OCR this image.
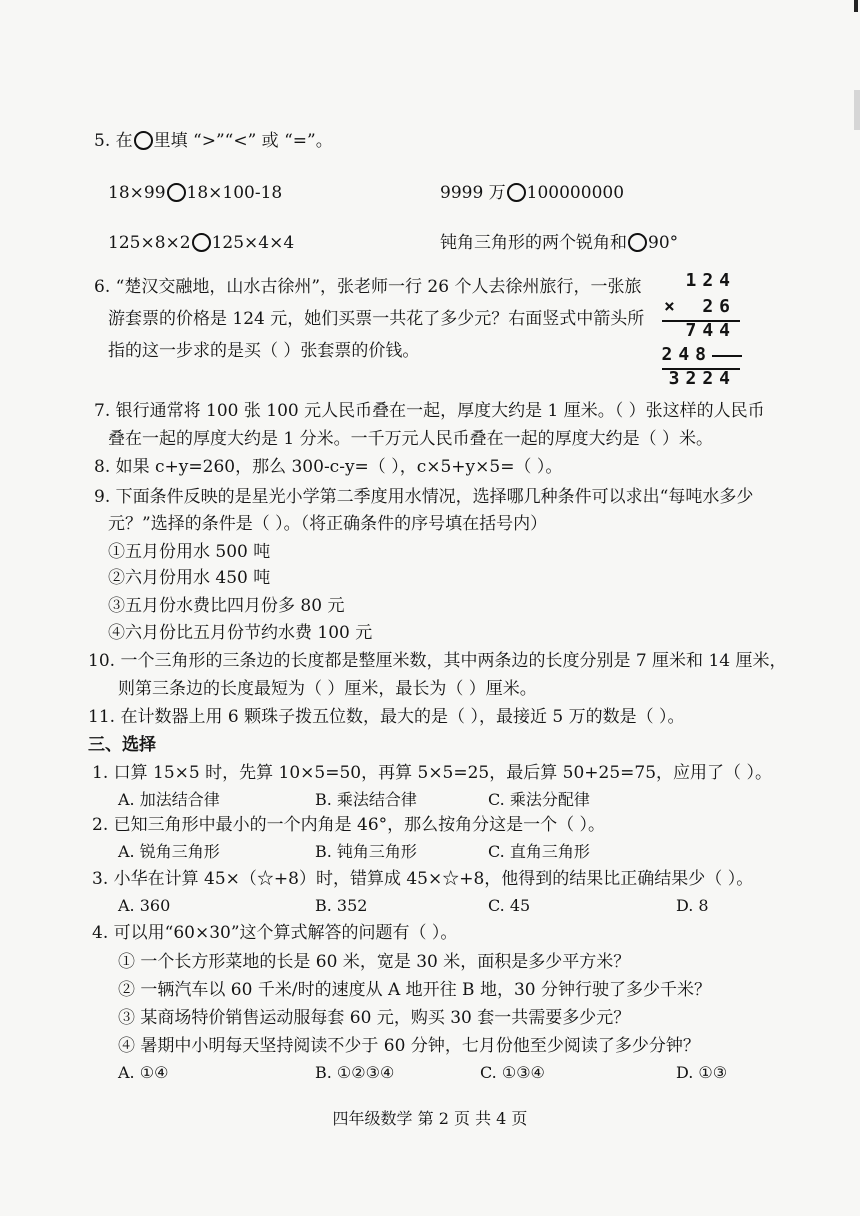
5. 在 里填 “>”“<” 或 “=”。
18×99 18×100-18	9999 万 100000000
125×8×2 125×4×4	钝角三角形的两个锐角和 90°
6. “楚汉交融地，山水古徐州”，张老师一行 26 个人去徐州旅行，一张旅
游套票的价格是 124 元，她们买票一共花了多少元？右面竖式中箭头所
指的这一步求的是买（ ）张套票的价钱。
124
× 26
744
248
3224
7. 银行通常将 100 张 100 元人民币叠在一起，厚度大约是 1 厘米。（ ）张这样的人民币
叠在一起的厚度大约是 1 分米。一千万元人民币叠在一起的厚度大约是（ ）米。
8. 如果 c+y=260，那么 300-c-y=（ ），c×5+y×5=（ ）。
9. 下面条件反映的是星光小学第二季度用水情况，选择哪几种条件可以求出“每吨水多少
元？”选择的条件是（ ）。（将正确条件的序号填在括号内）
①五月份用水 500 吨
②六月份用水 450 吨
③五月份水费比四月份多 80 元
④六月份比五月份节约水费 100 元
10. 一个三角形的三条边的长度都是整厘米数，其中两条边的长度分别是 7 厘米和 14 厘米，
则第三条边的长度最短为（ ）厘米，最长为（ ）厘米。
11. 在计数器上用 6 颗珠子拨五位数，最大的是（ ），最接近 5 万的数是（ ）。
三、选择
1. 口算 15×5 时，先算 10×5=50，再算 5×5=25，最后算 50+25=75，应用了（ ）。
A. 加法结合律	B. 乘法结合律	C. 乘法分配律
2. 已知三角形中最小的一个内角是 46°，那么按角分这是一个（ ）。
A. 锐角三角形	B. 钝角三角形	C. 直角三角形
3. 小华在计算 45×（☆+8）时，错算成 45×☆+8，他得到的结果比正确结果少（ ）。
A. 360	B. 352	C. 45	D. 8
4. 可以用“60×30”这个算式解答的问题有（ ）。
① 一个长方形菜地的长是 60 米，宽是 30 米，面积是多少平方米？
② 一辆汽车以 60 千米/时的速度从 A 地开往 B 地，30 分钟行驶了多少千米？
③ 某商场特价销售运动服每套 60 元，购买 30 套一共需要多少元？
④ 暑期中小明每天坚持阅读不少于 60 分钟，七月份他至少阅读了多少分钟？
A. ①④	B. ①②③④	C. ①③④	D. ①③
四年级数学 第 2 页 共 4 页
